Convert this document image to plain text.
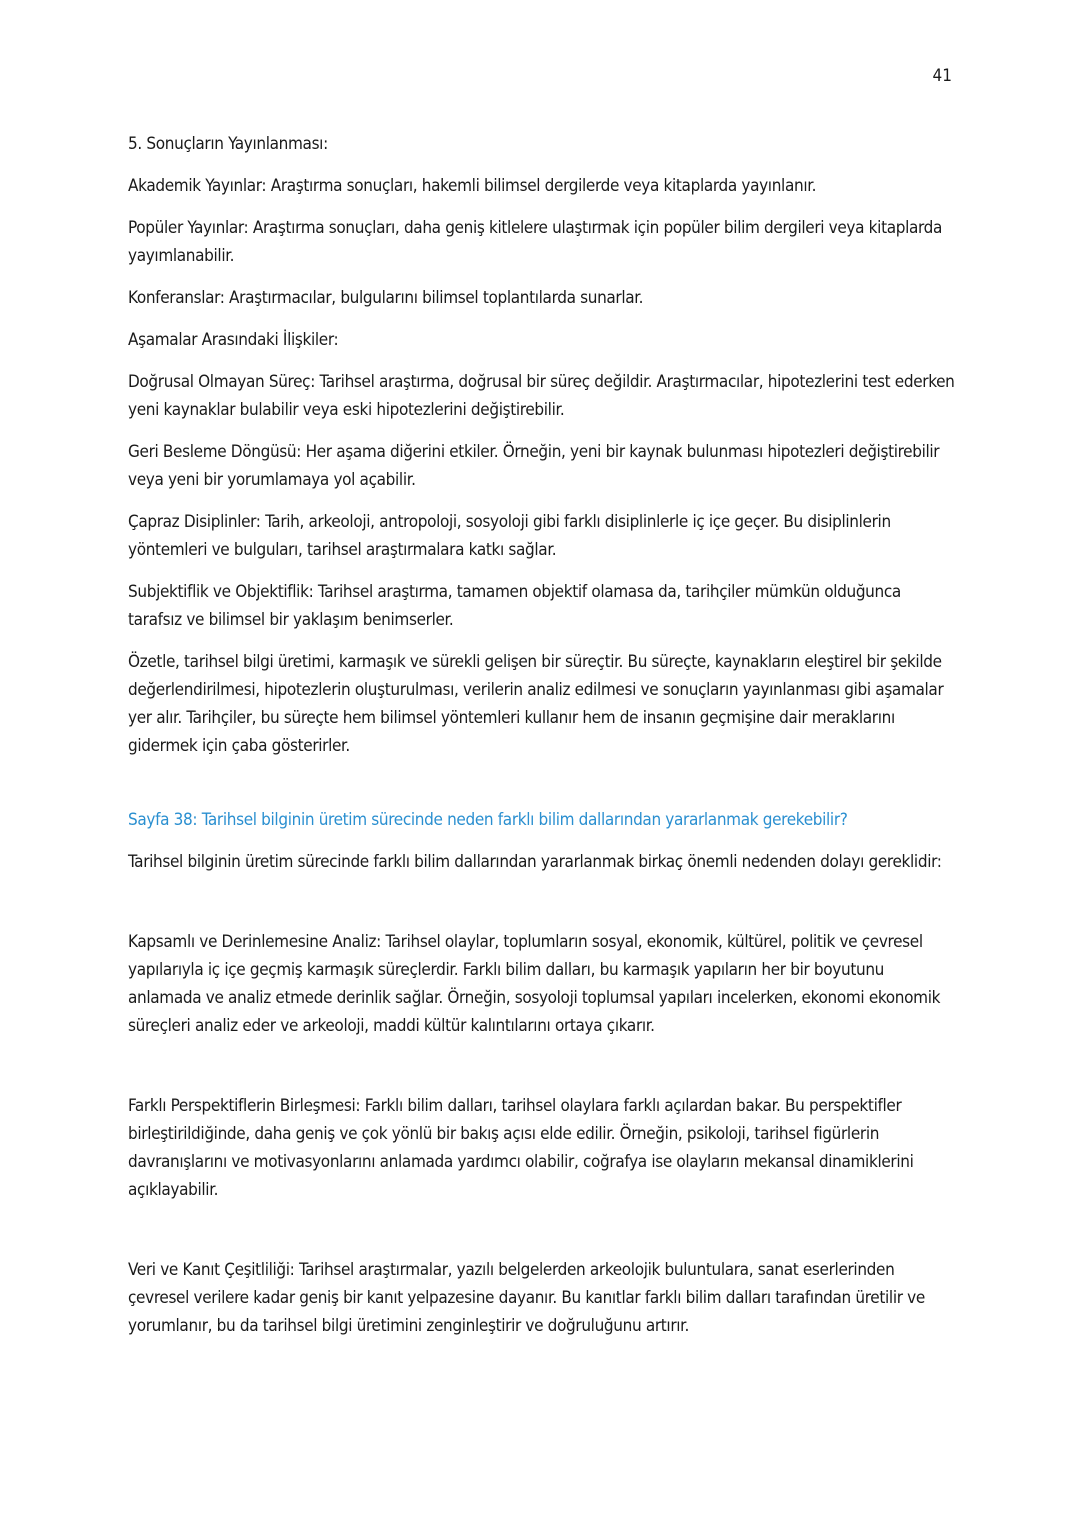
41

5. Sonuçların Yayınlanması:

Akademik Yayınlar: Araştırma sonuçları, hakemli bilimsel dergilerde veya kitaplarda yayınlanır.

Popüler Yayınlar: Araştırma sonuçları, daha geniş kitlelere ulaştırmak için popüler bilim dergileri veya kitaplarda yayımlanabilir.

Konferanslar: Araştırmacılar, bulgularını bilimsel toplantılarda sunarlar.

Aşamalar Arasındaki İlişkiler:

Doğrusal Olmayan Süreç: Tarihsel araştırma, doğrusal bir süreç değildir. Araştırmacılar, hipotezlerini test ederken yeni kaynaklar bulabilir veya eski hipotezlerini değiştirebilir.

Geri Besleme Döngüsü: Her aşama diğerini etkiler. Örneğin, yeni bir kaynak bulunması hipotezleri değiştirebilir veya yeni bir yorumlamaya yol açabilir.

Çapraz Disiplinler: Tarih, arkeoloji, antropoloji, sosyoloji gibi farklı disiplinlerle iç içe geçer. Bu disiplinlerin yöntemleri ve bulguları, tarihsel araştırmalara katkı sağlar.

Subjektiflik ve Objektiflik: Tarihsel araştırma, tamamen objektif olamasa da, tarihçiler mümkün olduğunca tarafsız ve bilimsel bir yaklaşım benimserler.

Özetle, tarihsel bilgi üretimi, karmaşık ve sürekli gelişen bir süreçtir. Bu süreçte, kaynakların eleştirel bir şekilde değerlendirilmesi, hipotezlerin oluşturulması, verilerin analiz edilmesi ve sonuçların yayınlanması gibi aşamalar yer alır. Tarihçiler, bu süreçte hem bilimsel yöntemleri kullanır hem de insanın geçmişine dair meraklarını gidermek için çaba gösterirler.

Sayfa 38: Tarihsel bilginin üretim sürecinde neden farklı bilim dallarından yararlanmak gerekebilir?

Tarihsel bilginin üretim sürecinde farklı bilim dallarından yararlanmak birkaç önemli nedenden dolayı gereklidir:

Kapsamlı ve Derinlemesine Analiz: Tarihsel olaylar, toplumların sosyal, ekonomik, kültürel, politik ve çevresel yapılarıyla iç içe geçmiş karmaşık süreçlerdir. Farklı bilim dalları, bu karmaşık yapıların her bir boyutunu anlamada ve analiz etmede derinlik sağlar. Örneğin, sosyoloji toplumsal yapıları incelerken, ekonomi ekonomik süreçleri analiz eder ve arkeoloji, maddi kültür kalıntılarını ortaya çıkarır.

Farklı Perspektiflerin Birleşmesi: Farklı bilim dalları, tarihsel olaylara farklı açılardan bakar. Bu perspektifler birleştirildiğinde, daha geniş ve çok yönlü bir bakış açısı elde edilir. Örneğin, psikoloji, tarihsel figürlerin davranışlarını ve motivasyonlarını anlamada yardımcı olabilir, coğrafya ise olayların mekansal dinamiklerini açıklayabilir.

Veri ve Kanıt Çeşitliliği: Tarihsel araştırmalar, yazılı belgelerden arkeolojik buluntulara, sanat eserlerinden çevresel verilere kadar geniş bir kanıt yelpazesine dayanır. Bu kanıtlar farklı bilim dalları tarafından üretilir ve yorumlanır, bu da tarihsel bilgi üretimini zenginleştirir ve doğruluğunu artırır.
